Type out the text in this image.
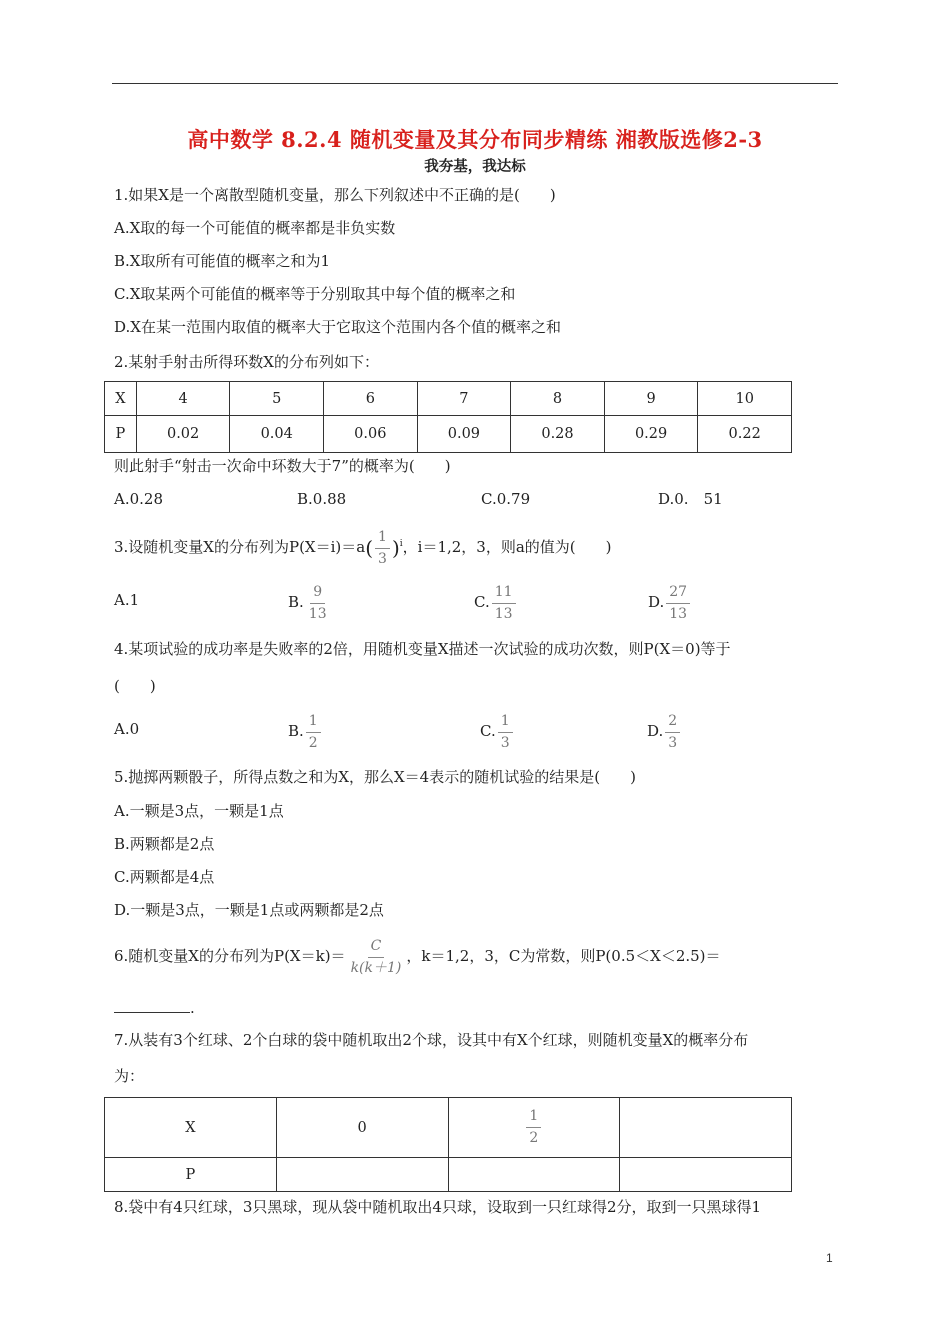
高中数学 8.2.4 随机变量及其分布同步精练 湘教版选修2-3
我夯基，我达标
1.如果X是一个离散型随机变量，那么下列叙述中不正确的是(　　)
A.X取的每一个可能值的概率都是非负实数
B.X取所有可能值的概率之和为1
C.X取某两个可能值的概率等于分别取其中每个值的概率之和
D.X在某一范围内取值的概率大于它取这个范围内各个值的概率之和
2.某射手射击所得环数X的分布列如下：
X	4	5	6	7	8	9	10
P	0.02	0.04	0.06	0.09	0.28	0.29	0.22
则此射手“射击一次命中环数大于7”的概率为(　　)
A.0.28	B.0.88	C.0.79	D.0.　51
3.设随机变量X的分布列为$P(X=i)=a( \frac{1}{3} )^i$，i＝1,2，3，则a的值为(　　)
A.1	B. $\frac{9}{13}$	C. $\frac{11}{13}$	D. $\frac{27}{13}$
4.某项试验的成功率是失败率的2倍，用随机变量X描述一次试验的成功次数，则P(X＝0)等于
(　　)
A.0	B. $\frac{1}{2}$	C. $\frac{1}{3}$	D. $\frac{2}{3}$
5.抛掷两颗骰子，所得点数之和为X，那么X＝4表示的随机试验的结果是(　　)
A.一颗是3点，一颗是1点
B.两颗都是2点
C.两颗都是4点
D.一颗是3点，一颗是1点或两颗都是2点
6.随机变量X的分布列为$P(X=k)= \frac{C}{k(k+1)}$ ，k＝1,2，3，C为常数，则P(0.5＜X＜2.5)＝
.
7.从装有3个红球、2个白球的袋中随机取出2个球，设其中有X个红球，则随机变量X的概率分布
为：
X	0	$\frac{1}{2}$

P			
8.袋中有4只红球，3只黑球，现从袋中随机取出4只球，设取到一只红球得2分，取到一只黑球得1
1
